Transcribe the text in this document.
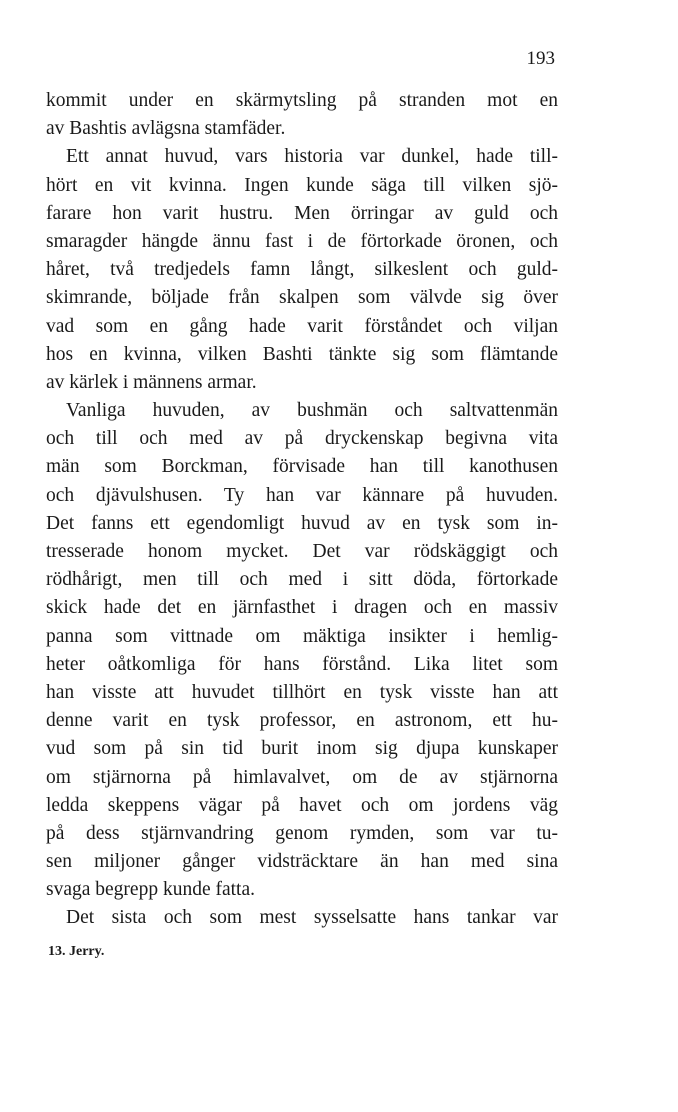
193
kommit under en skärmytsling på stranden mot en
av Bashtis avlägsna stamfäder.
Ett annat huvud, vars historia var dunkel, hade till-
hört en vit kvinna. Ingen kunde säga till vilken sjö-
farare hon varit hustru. Men örringar av guld och
smaragder hängde ännu fast i de förtorkade öronen, och
håret, två tredjedels famn långt, silkeslent och guld-
skimrande, böljade från skalpen som välvde sig över
vad som en gång hade varit förståndet och viljan
hos en kvinna, vilken Bashti tänkte sig som flämtande
av kärlek i männens armar.
Vanliga huvuden, av bushmän och saltvattenmän
och till och med av på dryckenskap begivna vita
män som Borckman, förvisade han till kanothusen
och djävulshusen. Ty han var kännare på huvuden.
Det fanns ett egendomligt huvud av en tysk som in-
tresserade honom mycket. Det var rödskäggigt och
rödhårigt, men till och med i sitt döda, förtorkade
skick hade det en järnfasthet i dragen och en massiv
panna som vittnade om mäktiga insikter i hemlig-
heter oåtkomliga för hans förstånd. Lika litet som
han visste att huvudet tillhört en tysk visste han att
denne varit en tysk professor, en astronom, ett hu-
vud som på sin tid burit inom sig djupa kunskaper
om stjärnorna på himlavalvet, om de av stjärnorna
ledda skeppens vägar på havet och om jordens väg
på dess stjärnvandring genom rymden, som var tu-
sen miljoner gånger vidsträcktare än han med sina
svaga begrepp kunde fatta.
Det sista och som mest sysselsatte hans tankar var
13. Jerry.
